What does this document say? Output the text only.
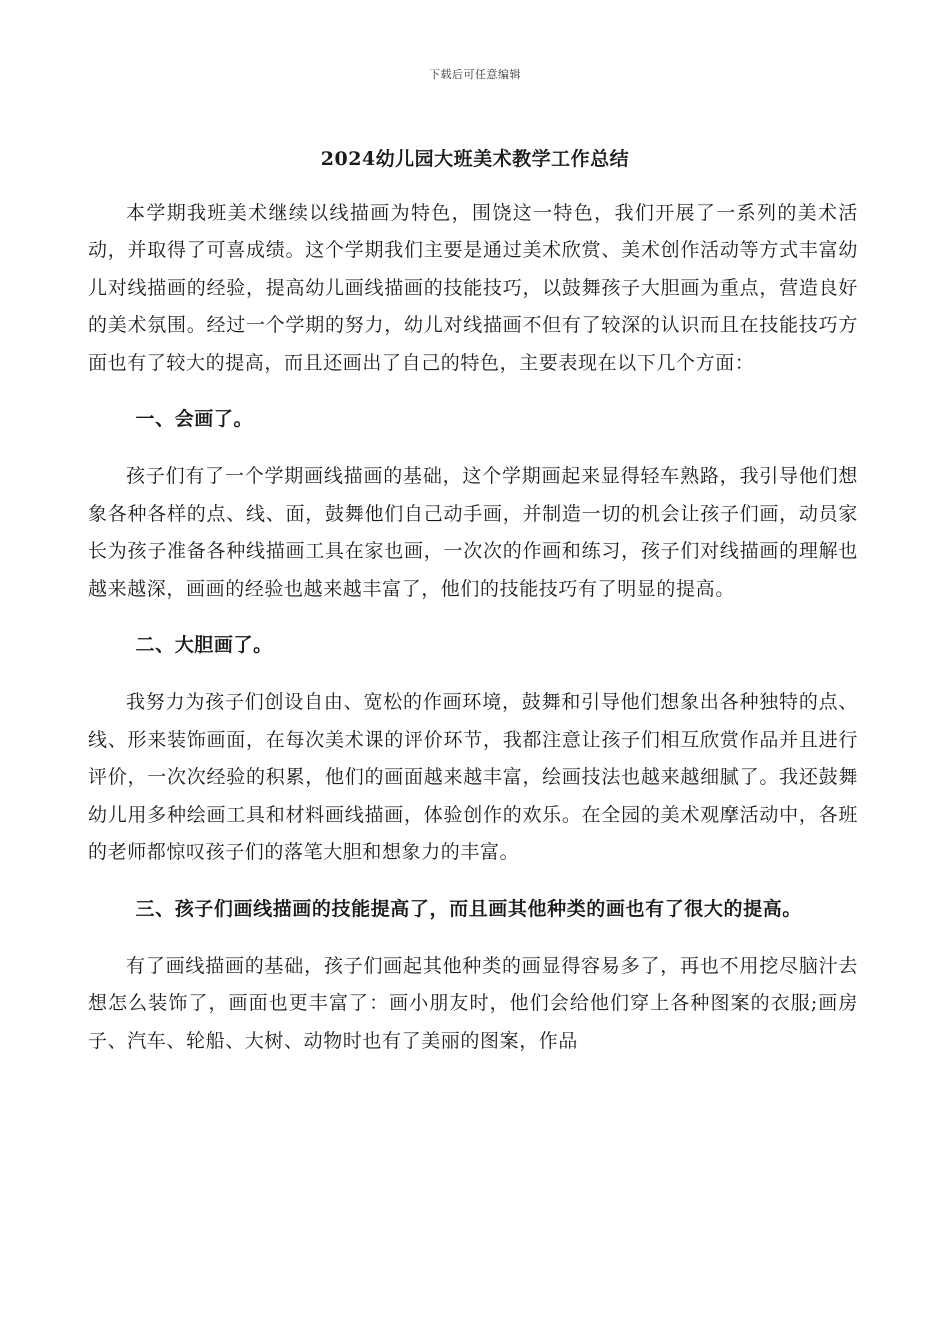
下载后可任意编辑
2024幼儿园大班美术教学工作总结

本学期我班美术继续以线描画为特色，围饶这一特色，我们开展了一系列的美术活动，并取得了可喜成绩。这个学期我们主要是通过美术欣赏、美术创作活动等方式丰富幼儿对线描画的经验，提高幼儿画线描画的技能技巧，以鼓舞孩子大胆画为重点，营造良好的美术氛围。经过一个学期的努力，幼儿对线描画不但有了较深的认识而且在技能技巧方面也有了较大的提高，而且还画出了自己的特色，主要表现在以下几个方面：

一、会画了。

孩子们有了一个学期画线描画的基础，这个学期画起来显得轻车熟路，我引导他们想象各种各样的点、线、面，鼓舞他们自己动手画，并制造一切的机会让孩子们画，动员家长为孩子准备各种线描画工具在家也画，一次次的作画和练习，孩子们对线描画的理解也越来越深，画画的经验也越来越丰富了，他们的技能技巧有了明显的提高。

二、大胆画了。

我努力为孩子们创设自由、宽松的作画环境，鼓舞和引导他们想象出各种独特的点、线、形来装饰画面，在每次美术课的评价环节，我都注意让孩子们相互欣赏作品并且进行评价，一次次经验的积累，他们的画面越来越丰富，绘画技法也越来越细腻了。我还鼓舞幼儿用多种绘画工具和材料画线描画，体验创作的欢乐。在全园的美术观摩活动中，各班的老师都惊叹孩子们的落笔大胆和想象力的丰富。

三、孩子们画线描画的技能提高了，而且画其他种类的画也有了很大的提高。

有了画线描画的基础，孩子们画起其他种类的画显得容易多了，再也不用挖尽脑汁去想怎么装饰了，画面也更丰富了：画小朋友时，他们会给他们穿上各种图案的衣服;画房子、汽车、轮船、大树、动物时也有了美丽的图案，作品
